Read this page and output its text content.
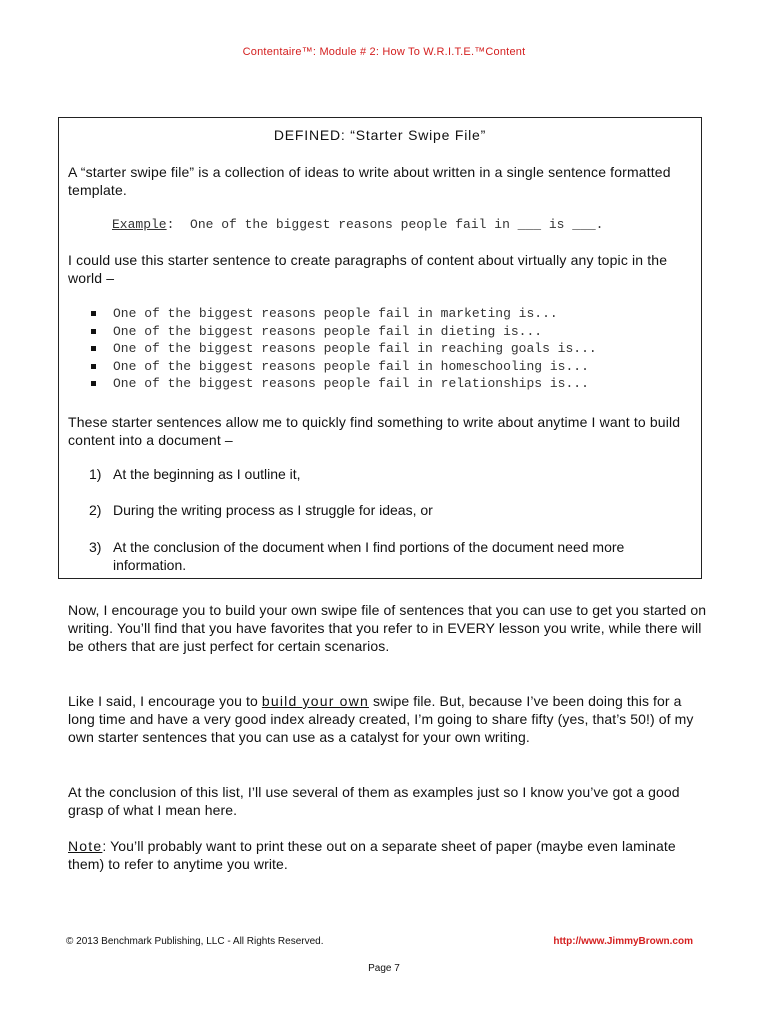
Contentaire™: Module # 2: How To W.R.I.T.E.™Content
DEFINED: “Starter Swipe File”
A “starter swipe file” is a collection of ideas to write about written in a single sentence formatted template.
Example:  One of the biggest reasons people fail in ___ is ___.
I could use this starter sentence to create paragraphs of content about virtually any topic in the world –
One of the biggest reasons people fail in marketing is...
One of the biggest reasons people fail in dieting is...
One of the biggest reasons people fail in reaching goals is...
One of the biggest reasons people fail in homeschooling is...
One of the biggest reasons people fail in relationships is...
These starter sentences allow me to quickly find something to write about anytime I want to build content into a document –
1) At the beginning as I outline it,
2) During the writing process as I struggle for ideas, or
3) At the conclusion of the document when I find portions of the document need more information.
Now, I encourage you to build your own swipe file of sentences that you can use to get you started on writing. You’ll find that you have favorites that you refer to in EVERY lesson you write, while there will be others that are just perfect for certain scenarios.
Like I said, I encourage you to build your own swipe file. But, because I’ve been doing this for a long time and have a very good index already created, I’m going to share fifty (yes, that’s 50!) of my own starter sentences that you can use as a catalyst for your own writing.
At the conclusion of this list, I’ll use several of them as examples just so I know you’ve got a good grasp of what I mean here.
Note: You’ll probably want to print these out on a separate sheet of paper (maybe even laminate them) to refer to anytime you write.
© 2013 Benchmark Publishing, LLC - All Rights Reserved.	http://www.JimmyBrown.com
Page 7
